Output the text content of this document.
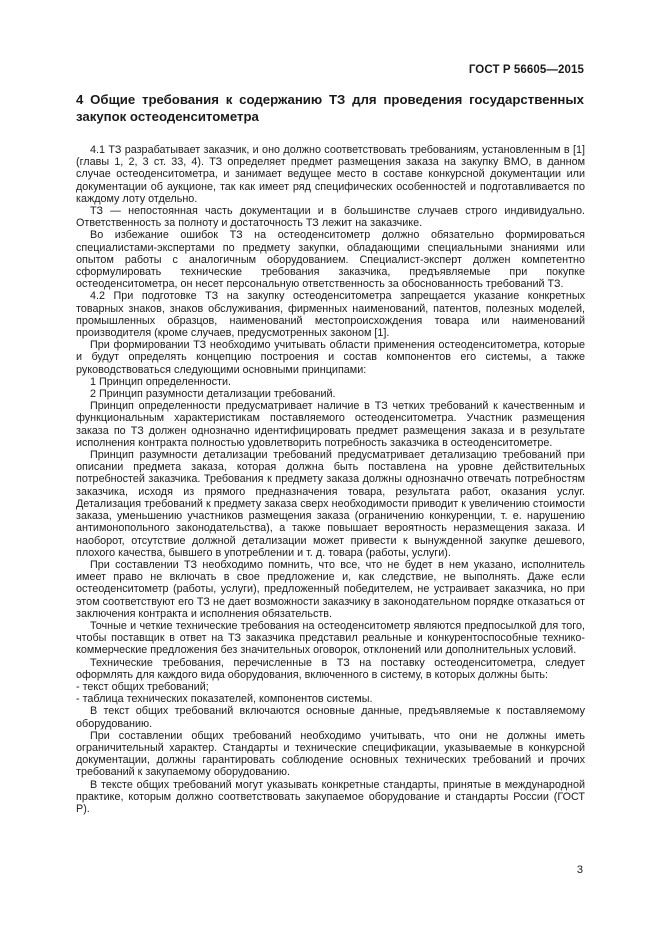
ГОСТ Р 56605—2015
4 Общие требования к содержанию ТЗ для проведения государственных закупок остеоденситометра

4.1 ТЗ разрабатывает заказчик, и оно должно соответствовать требованиям, установленным в [1] (главы 1, 2, 3 ст. 33, 4). ТЗ определяет предмет размещения заказа на закупку ВМО, в данном случае остеоденситометра, и занимает ведущее место в составе конкурсной документации или документации об аукционе, так как имеет ряд специфических особенностей и подготавливается по каждому лоту отдельно.

ТЗ — непостоянная часть документации и в большинстве случаев строго индивидуально. Ответственность за полноту и достаточность ТЗ лежит на заказчике.

Во избежание ошибок ТЗ на остеоденситометр должно обязательно формироваться специалистами-экспертами по предмету закупки, обладающими специальными знаниями или опытом работы с аналогичным оборудованием. Специалист-эксперт должен компетентно сформулировать технические требования заказчика, предъявляемые при покупке остеоденситометра, он несет персональную ответственность за обоснованность требований ТЗ.

4.2 При подготовке ТЗ на закупку остеоденситометра запрещается указание конкретных товарных знаков, знаков обслуживания, фирменных наименований, патентов, полезных моделей, промышленных образцов, наименований местопроисхождения товара или наименований производителя (кроме случаев, предусмотренных законом [1].

При формировании ТЗ необходимо учитывать области применения остеоденситометра, которые и будут определять концепцию построения и состав компонентов его системы, а также руководствоваться следующими основными принципами:

1 Принцип определенности.

2 Принцип разумности детализации требований.

Принцип определенности предусматривает наличие в ТЗ четких требований к качественным и функциональным характеристикам поставляемого остеоденситометра. Участник размещения заказа по ТЗ должен однозначно идентифицировать предмет размещения заказа и в результате исполнения контракта полностью удовлетворить потребность заказчика в остеоденситометре.

Принцип разумности детализации требований предусматривает детализацию требований при описании предмета заказа, которая должна быть поставлена на уровне действительных потребностей заказчика. Требования к предмету заказа должны однозначно отвечать потребностям заказчика, исходя из прямого предназначения товара, результата работ, оказания услуг. Детализация требований к предмету заказа сверх необходимости приводит к увеличению стоимости заказа, уменьшению участников размещения заказа (ограничению конкуренции, т. е. нарушению антимонопольного законодательства), а также повышает вероятность неразмещения заказа. И наоборот, отсутствие должной детализации может привести к вынужденной закупке дешевого, плохого качества, бывшего в употреблении и т. д. товара (работы, услуги).

При составлении ТЗ необходимо помнить, что все, что не будет в нем указано, исполнитель имеет право не включать в свое предложение и, как следствие, не выполнять. Даже если остеоденситометр (работы, услуги), предложенный победителем, не устраивает заказчика, но при этом соответствуют его ТЗ не дает возможности заказчику в законодательном порядке отказаться от заключения контракта и исполнения обязательств.

Точные и четкие технические требования на остеоденситометр являются предпосылкой для того, чтобы поставщик в ответ на ТЗ заказчика представил реальные и конкурентоспособные технико-коммерческие предложения без значительных оговорок, отклонений или дополнительных условий.

Технические требования, перечисленные в ТЗ на поставку остеоденситометра, следует оформлять для каждого вида оборудования, включенного в систему, в которых должны быть:

- текст общих требований;

- таблица технических показателей, компонентов системы.

В текст общих требований включаются основные данные, предъявляемые к поставляемому оборудованию.

При составлении общих требований необходимо учитывать, что они не должны иметь ограничительный характер. Стандарты и технические спецификации, указываемые в конкурсной документации, должны гарантировать соблюдение основных технических требований и прочих требований к закупаемому оборудованию.

В тексте общих требований могут указывать конкретные стандарты, принятые в международной практике, которым должно соответствовать закупаемое оборудование и стандарты России (ГОСТ Р).

3
